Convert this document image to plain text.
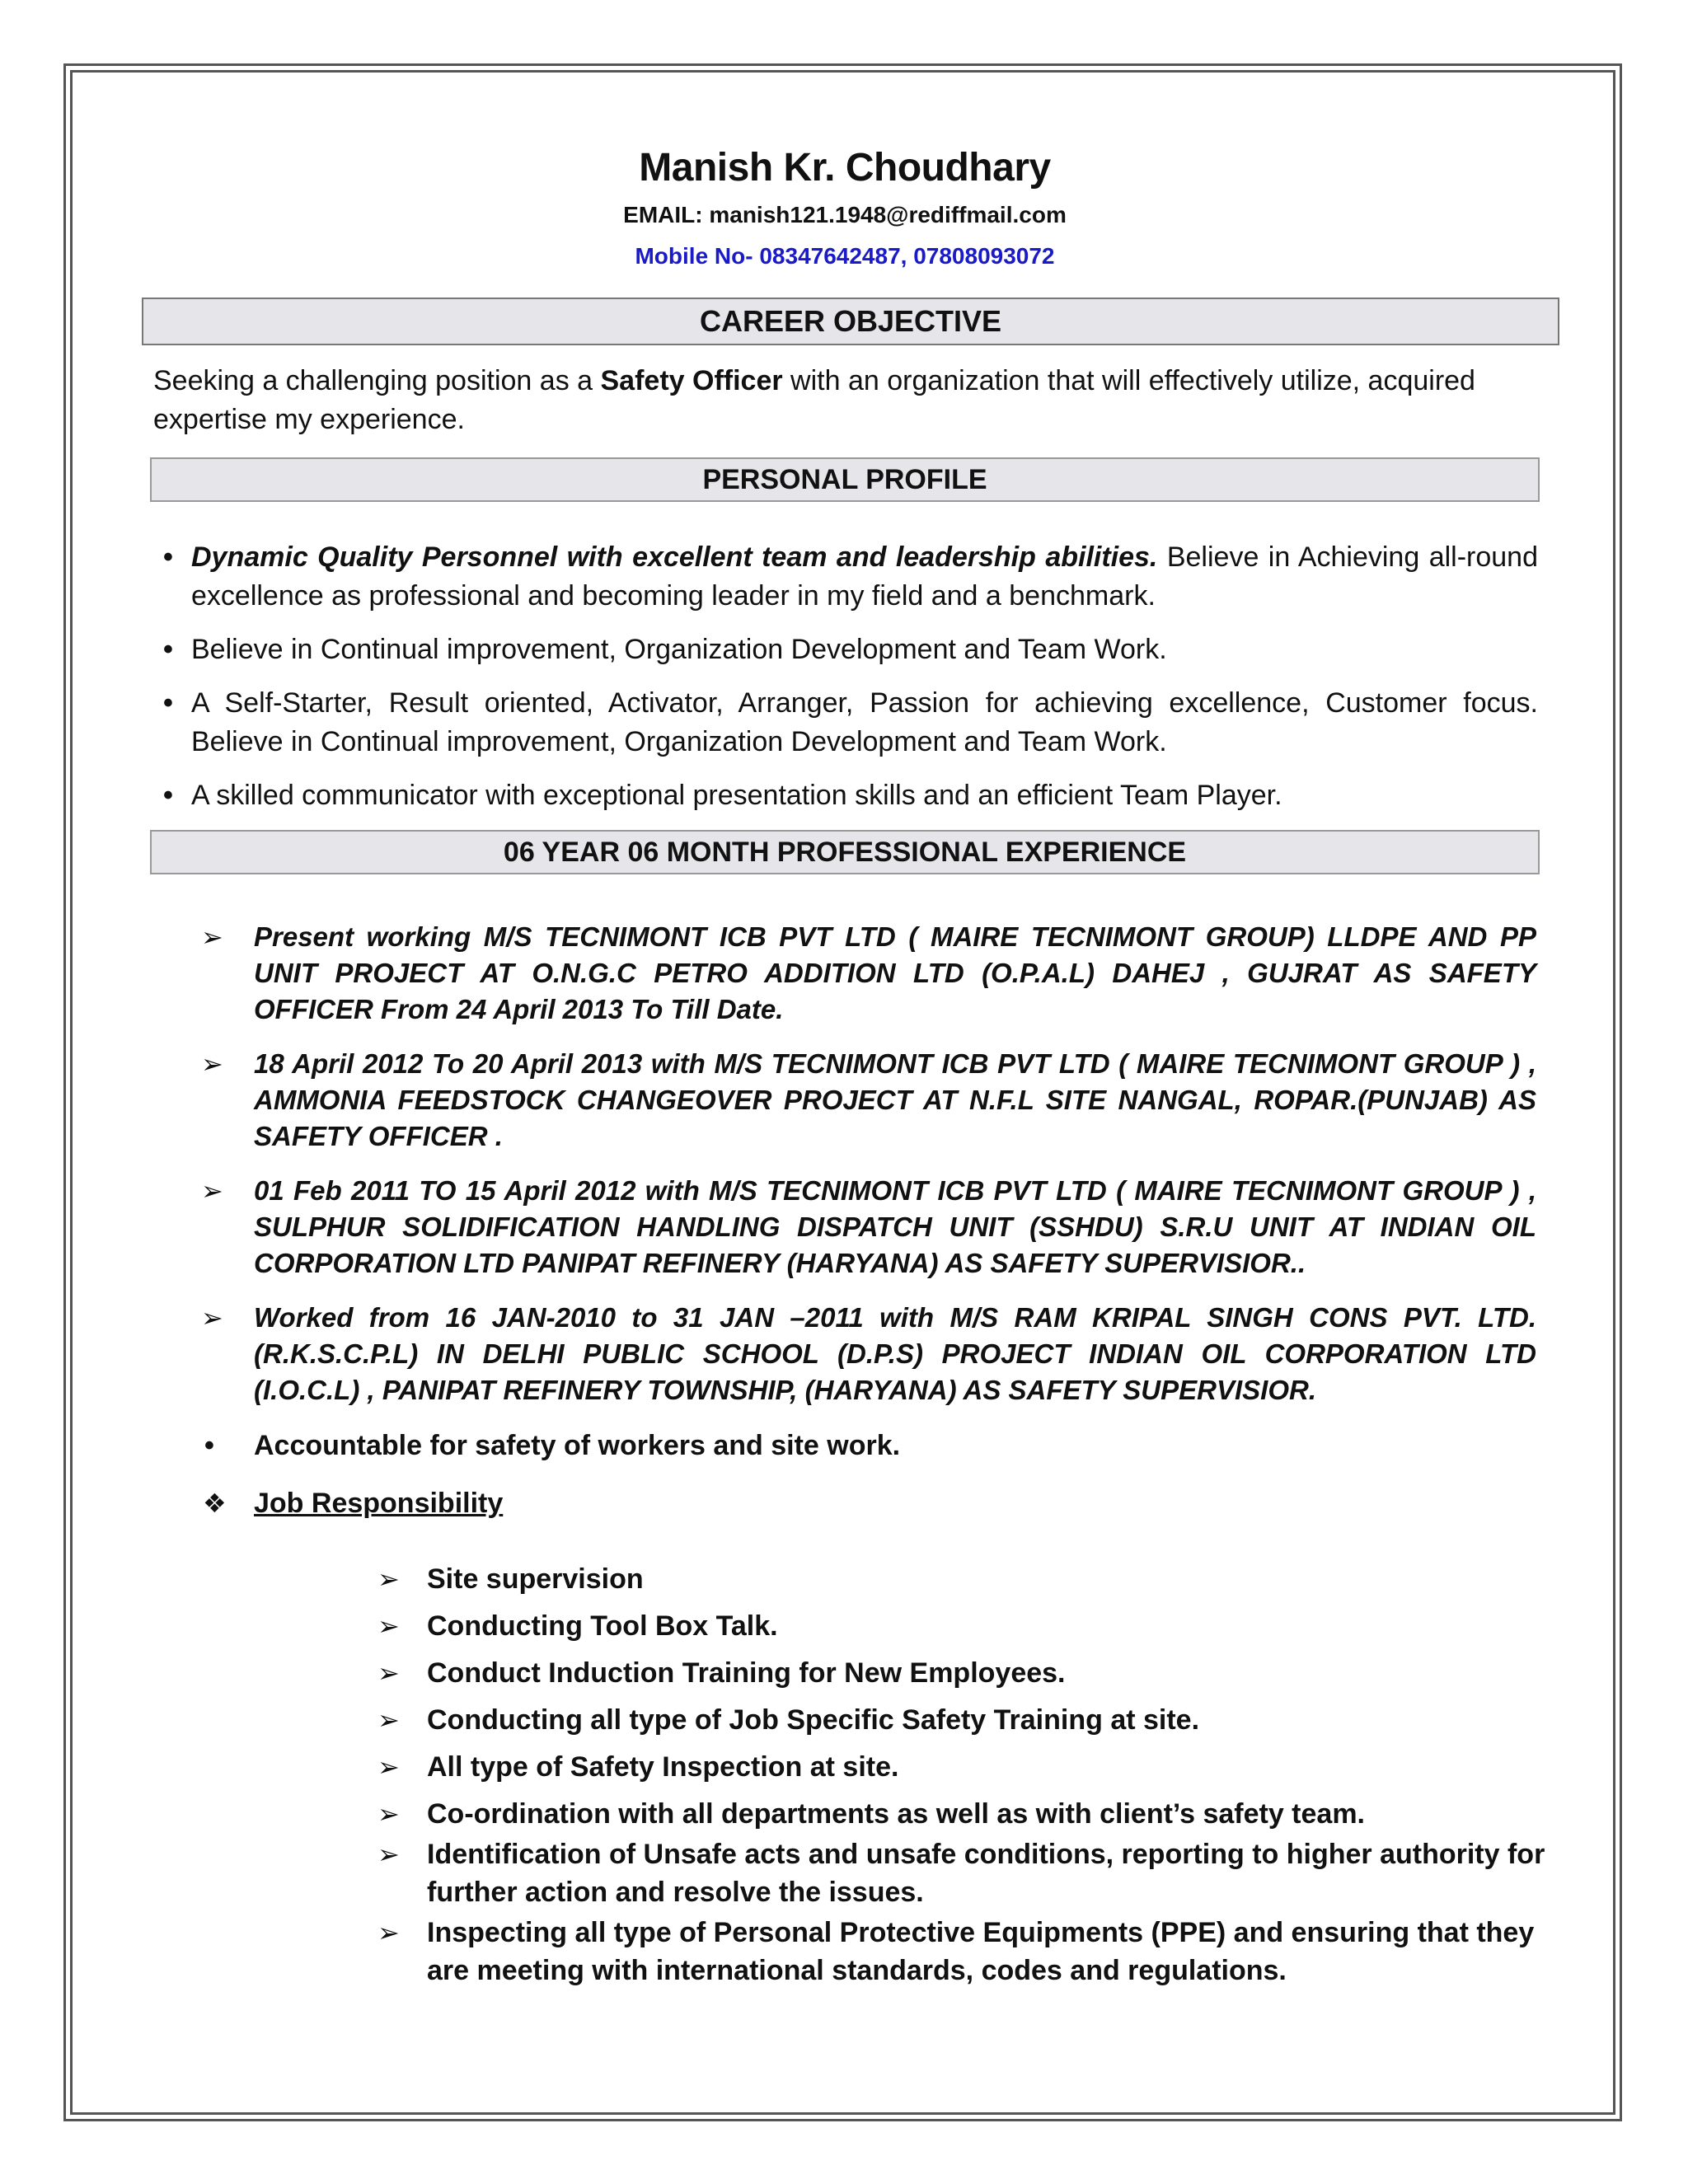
Manish Kr. Choudhary
EMAIL: manish121.1948@rediffmail.com
Mobile No- 08347642487, 07808093072
CAREER OBJECTIVE
Seeking a challenging position as a Safety Officer with an organization that will effectively utilize, acquired expertise my experience.
PERSONAL PROFILE
• Dynamic Quality Personnel with excellent team and leadership abilities. Believe in Achieving all-round excellence as professional and becoming leader in my field and a benchmark.
• Believe in Continual improvement, Organization Development and Team Work.
• A Self-Starter, Result oriented, Activator, Arranger, Passion for achieving excellence, Customer focus. Believe in Continual improvement, Organization Development and Team Work.
• A skilled communicator with exceptional presentation skills and an efficient Team Player.
06 YEAR 06 MONTH PROFESSIONAL EXPERIENCE
➢ Present working M/S TECNIMONT ICB PVT LTD ( MAIRE TECNIMONT GROUP) LLDPE AND PP UNIT PROJECT AT O.N.G.C PETRO ADDITION LTD (O.P.A.L) DAHEJ , GUJRAT AS SAFETY OFFICER From 24 April 2013 To Till Date.
➢ 18 April 2012 To 20 April 2013 with M/S TECNIMONT ICB PVT LTD ( MAIRE TECNIMONT GROUP ) , AMMONIA FEEDSTOCK CHANGEOVER PROJECT AT N.F.L SITE NANGAL, ROPAR.(PUNJAB) AS SAFETY OFFICER .
➢ 01 Feb 2011 TO 15 April 2012 with M/S TECNIMONT ICB PVT LTD ( MAIRE TECNIMONT GROUP ) , SULPHUR SOLIDIFICATION HANDLING DISPATCH UNIT (SSHDU) S.R.U UNIT AT INDIAN OIL CORPORATION LTD PANIPAT REFINERY (HARYANA) AS SAFETY SUPERVISIOR..
➢ Worked from 16 JAN-2010 to 31 JAN –2011 with M/S RAM KRIPAL SINGH CONS PVT. LTD. (R.K.S.C.P.L) IN DELHI PUBLIC SCHOOL (D.P.S) PROJECT INDIAN OIL CORPORATION LTD (I.O.C.L) , PANIPAT REFINERY TOWNSHIP, (HARYANA) AS SAFETY SUPERVISIOR.
• Accountable for safety of workers and site work.
❖ Job Responsibility
➢ Site supervision
➢ Conducting Tool Box Talk.
➢ Conduct Induction Training for New Employees.
➢ Conducting all type of Job Specific Safety Training at site.
➢ All type of Safety Inspection at site.
➢ Co-ordination with all departments as well as with client’s safety team.
➢ Identification of Unsafe acts and unsafe conditions, reporting to higher authority for further action and resolve the issues.
➢ Inspecting all type of Personal Protective Equipments (PPE) and ensuring that they are meeting with international standards, codes and regulations.
